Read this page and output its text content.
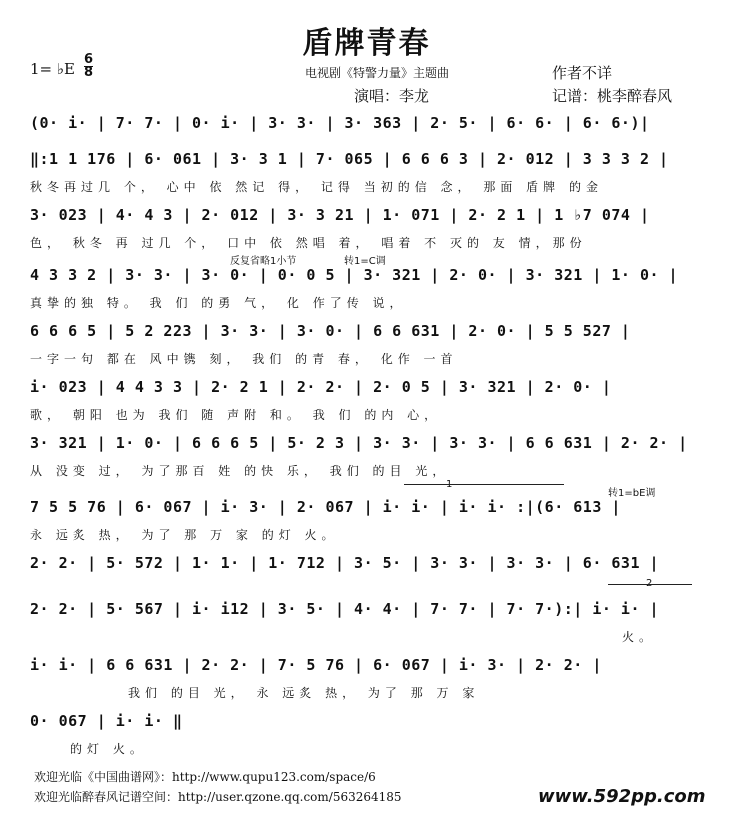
盾牌青春
1= ♭E
6
8	电视剧《特警力量》主题曲
演唱：李龙
作者不详
记谱：桃李醉春风
(0· i· | 7· 7· | 0· i· | 3· 3· | 3· 363 | 2· 5· | 6· 6· | 6· 6·)|
‖:1 1 176 | 6· 061 | 3· 3 1 | 7· 065 | 6 6 6 3 | 2· 012 | 3 3 3 2 |
秋冬再过几 个， 心中 依 然记 得， 记得 当初的信 念， 那面 盾牌 的金
3· 023 | 4· 4 3 | 2· 012 | 3· 3 21 | 1· 071 | 2· 2 1 | 1 ♭7 074 |
色， 秋冬 再 过几 个， 口中 依 然唱 着， 唱着 不 灭的 友 情，那份
反复省略1小节	转1=C调
4 3 3 2 | 3· 3· | 3· 0· | 0· 0 5 | 3· 321 | 2· 0· | 3· 321 | 1· 0· |
真挚的独 特。 我 们 的勇 气， 化 作了传 说，
6 6 6 5 | 5 2 223 | 3· 3· | 3· 0· | 6 6 631 | 2· 0· | 5 5 527 |
一字一句 都在 风中镌 刻， 我们 的青 春， 化作 一首
i· 023 | 4 4 3 3 | 2· 2 1 | 2· 2· | 2· 0 5 | 3· 321 | 2· 0· |
歌， 朝阳 也为 我们 随 声附 和。 我 们 的内 心，
3· 321 | 1· 0· | 6 6 6 5 | 5· 2 3 | 3· 3· | 3· 3· | 6 6 631 | 2· 2· |
从 没变 过， 为了那百 姓 的快 乐， 我们 的目 光，
1
转1=bE调
7 5 5 76 | 6· 067 | i· 3· | 2· 067 | i· i· | i· i· :|(6· 613 |
永 远炙 热， 为了 那 万 家 的灯 火。
2· 2· | 5· 572 | 1· 1· | 1· 712 | 3· 5· | 3· 3· | 3· 3· | 6· 631 |
2
2· 2· | 5· 567 | i· i12 | 3· 5· | 4· 4· | 7· 7· | 7· 7·):| i· i· |
火。
i· i· | 6 6 631 | 2· 2· | 7· 5 76 | 6· 067 | i· 3· | 2· 2· |
我们 的目 光， 永 远炙 热， 为了 那 万 家
0· 067 | i· i· ‖
的灯 火。
欢迎光临《中国曲谱网》：http://www.qupu123.com/space/6
欢迎光临醉春风记谱空间：http://user.qzone.qq.com/563264185	www.592pp.com
